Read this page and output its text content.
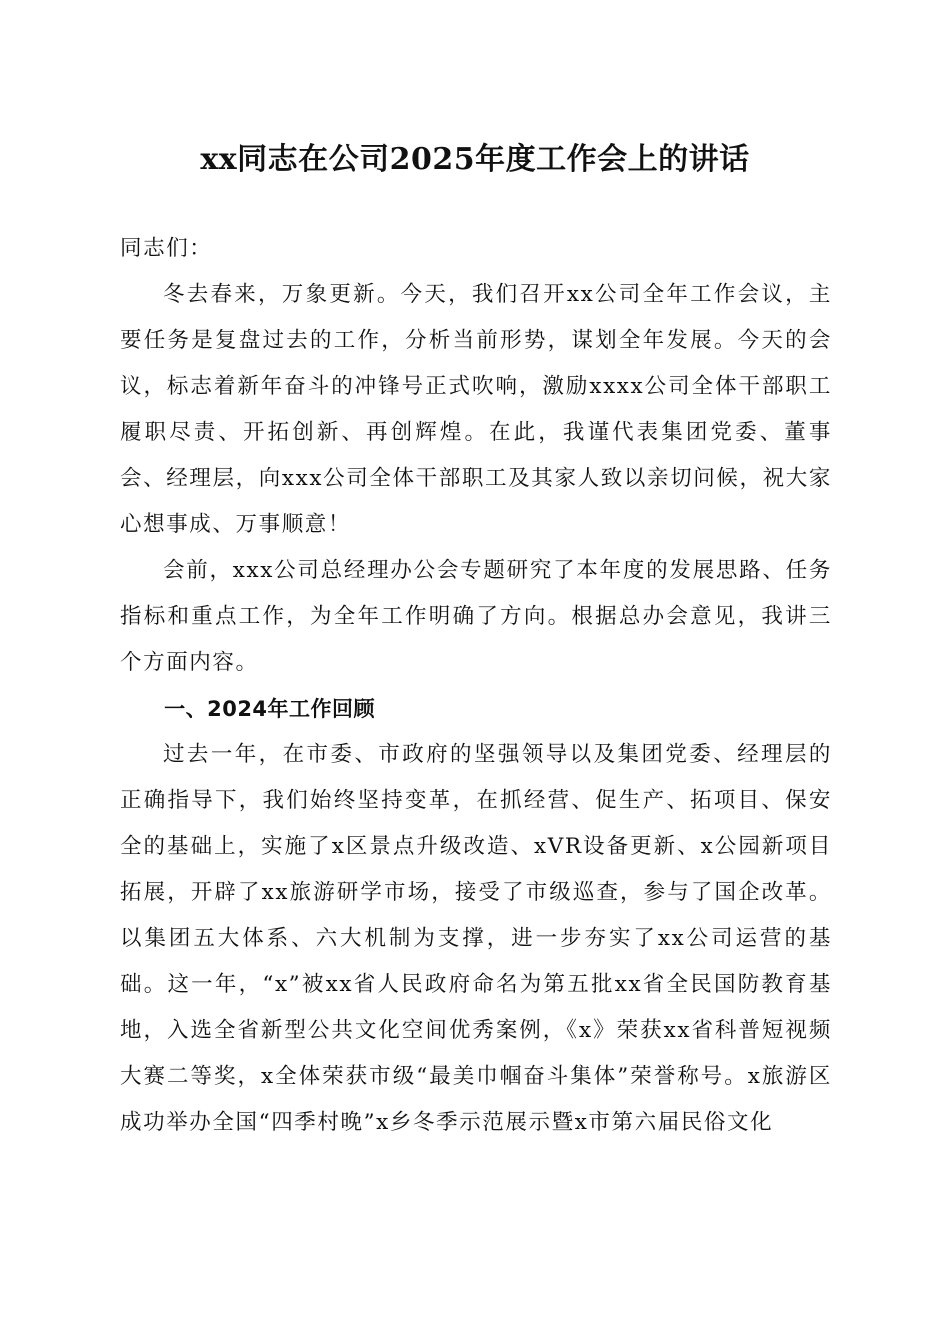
xx同志在公司2025年度工作会上的讲话

同志们：

冬去春来，万象更新。今天，我们召开xx公司全年工作会议，主要任务是复盘过去的工作，分析当前形势，谋划全年发展。今天的会议，标志着新年奋斗的冲锋号正式吹响，激励xxxx公司全体干部职工履职尽责、开拓创新、再创辉煌。在此，我谨代表集团党委、董事会、经理层，向xxx公司全体干部职工及其家人致以亲切问候，祝大家心想事成、万事顺意！

会前，xxx公司总经理办公会专题研究了本年度的发展思路、任务指标和重点工作，为全年工作明确了方向。根据总办会意见，我讲三个方面内容。

一、2024年工作回顾

过去一年，在市委、市政府的坚强领导以及集团党委、经理层的正确指导下，我们始终坚持变革，在抓经营、促生产、拓项目、保安全的基础上，实施了x区景点升级改造、xVR设备更新、x公园新项目拓展，开辟了xx旅游研学市场，接受了市级巡查，参与了国企改革。以集团五大体系、六大机制为支撑，进一步夯实了xx公司运营的基础。这一年，“x”被xx省人民政府命名为第五批xx省全民国防教育基地，入选全省新型公共文化空间优秀案例，《x》荣获xx省科普短视频大赛二等奖，x全体荣获市级“最美巾帼奋斗集体”荣誉称号。x旅游区成功举办全国“四季村晚”x乡冬季示范展示暨x市第六届民俗文化
